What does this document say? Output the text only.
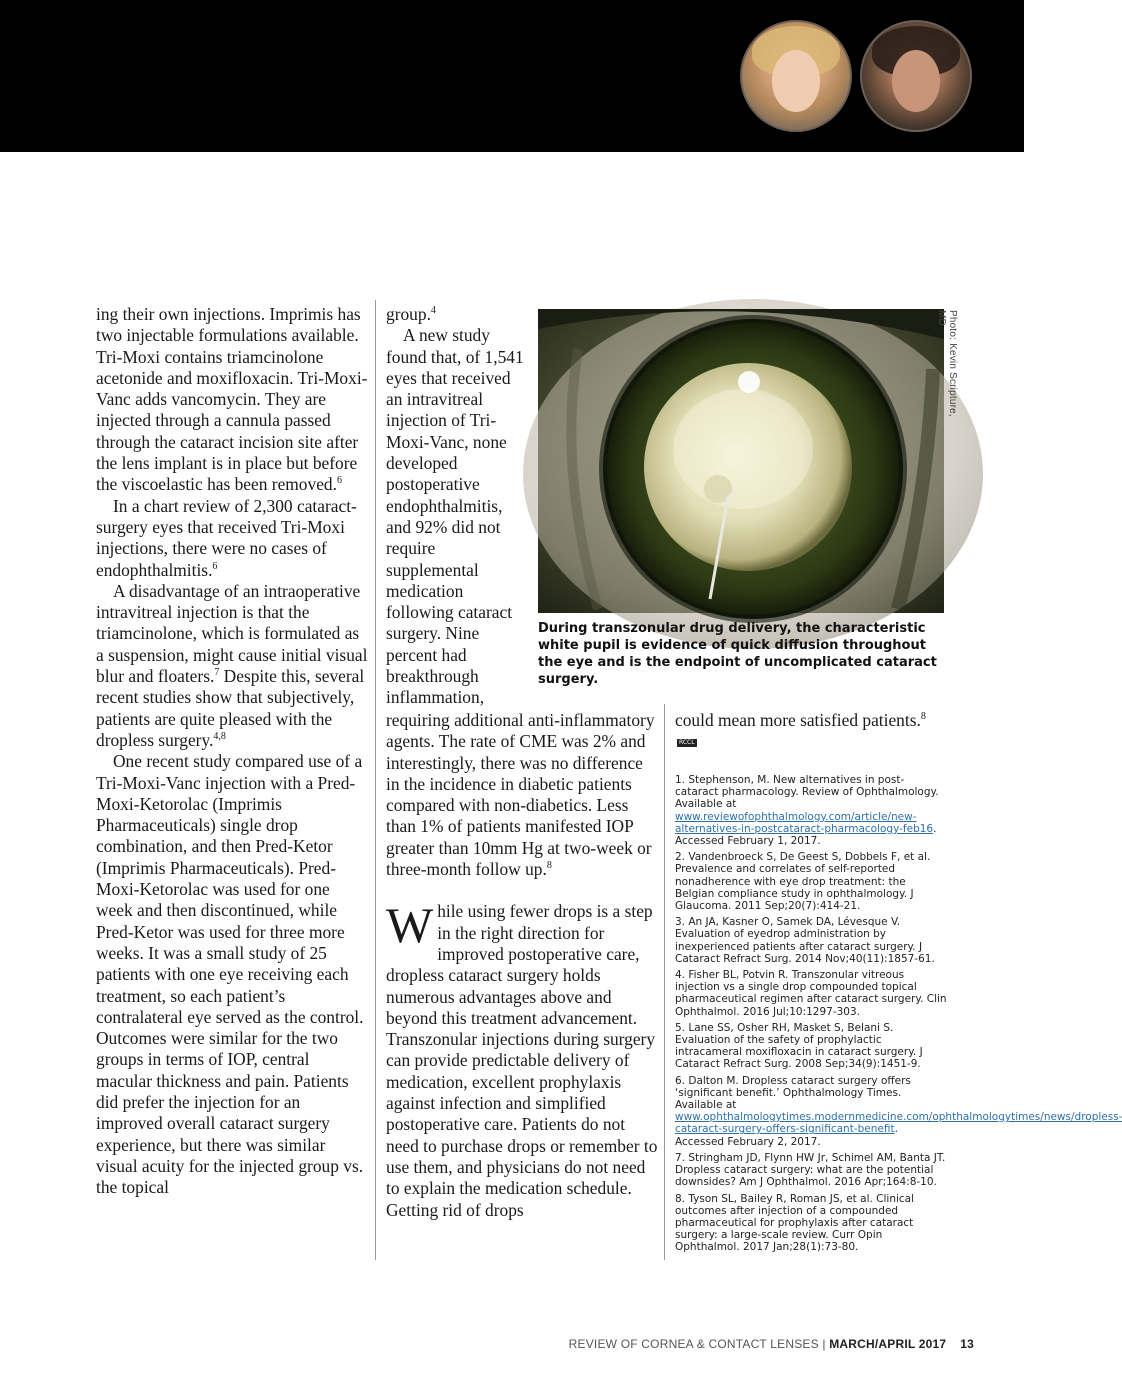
ing their own injections. Imprimis has two injectable formulations available. Tri-Moxi contains triamcinolone acetonide and moxifloxacin. Tri-Moxi-Vanc adds vancomycin. They are injected through a cannula passed through the cataract incision site after the lens implant is in place but before the viscoelastic has been removed.$^6$

In a chart review of 2,300 cataract-surgery eyes that received Tri-Moxi injections, there were no cases of endophthalmitis.$^6$

A disadvantage of an intraoperative intravitreal injection is that the triamcinolone, which is formulated as a suspension, might cause initial visual blur and floaters.$^7$ Despite this, several recent studies show that subjectively, patients are quite pleased with the dropless surgery.$^{4,8}$

One recent study compared use of a Tri-Moxi-Vanc injection with a Pred-Moxi-Ketorolac (Imprimis Pharmaceuticals) single drop combination, and then Pred-Ketor (Imprimis Pharmaceuticals). Pred-Moxi-Ketorolac was used for one week and then discontinued, while Pred-Ketor was used for three more weeks. It was a small study of 25 patients with one eye receiving each treatment, so each patient’s contralateral eye served as the control. Outcomes were similar for the two groups in terms of IOP, central macular thickness and pain. Patients did prefer the injection for an improved overall cataract surgery experience, but there was similar visual acuity for the injected group vs. the topical

group.$^4$

A new study found that, of 1,541 eyes that received an intravitreal injection of Tri-Moxi-Vanc, none developed postoperative endophthalmitis, and 92% did not require supplemental medication following cataract surgery. Nine percent had breakthrough inflammation,

requiring additional anti-inflammatory agents. The rate of CME was 2% and interestingly, there was no difference in the incidence in diabetic patients compared with non-diabetics. Less than 1% of patients manifested IOP greater than 10mm Hg at two-week or three-month follow up.$^8$

While using fewer drops is a step in the right direction for improved postoperative care, dropless cataract surgery holds numerous advantages above and beyond this treatment advancement. Transzonular injections during surgery can provide predictable delivery of medication, excellent prophylaxis against infection and simplified postoperative care. Patients do not need to purchase drops or remember to use them, and physicians do not need to explain the medication schedule. Getting rid of drops

could mean more satisfied patients.$^8$ RCCL

Photo: Kevin Scripture, MD
During transzonular drug delivery, the characteristic white pupil is evidence of quick diffusion throughout the eye and is the endpoint of uncomplicated cataract surgery.
1. Stephenson, M. New alternatives in post-cataract pharmacology. Review of Ophthalmology. Available at www.reviewofophthalmology.com/article/new-alternatives-in-postcataract-pharmacology-feb16. Accessed February 1, 2017.
2. Vandenbroeck S, De Geest S, Dobbels F, et al. Prevalence and correlates of self-reported nonadherence with eye drop treatment: the Belgian compliance study in ophthalmology. J Glaucoma. 2011 Sep;20(7):414-21.
3. An JA, Kasner O, Samek DA, Lévesque V. Evaluation of eyedrop administration by inexperienced patients after cataract surgery. J Cataract Refract Surg. 2014 Nov;40(11):1857-61.
4. Fisher BL, Potvin R. Transzonular vitreous injection vs a single drop compounded topical pharmaceutical regimen after cataract surgery. Clin Ophthalmol. 2016 Jul;10:1297-303.
5. Lane SS, Osher RH, Masket S, Belani S. Evaluation of the safety of prophylactic intracameral moxifloxacin in cataract surgery. J Cataract Refract Surg. 2008 Sep;34(9):1451-9.
6. Dalton M. Dropless cataract surgery offers ‘significant benefit.’ Ophthalmology Times. Available at www.ophthalmologytimes.modernmedicine.com/ophthalmologytimes/news/dropless-cataract-surgery-offers-significant-benefit. Accessed February 2, 2017.
7. Stringham JD, Flynn HW Jr, Schimel AM, Banta JT. Dropless cataract surgery: what are the potential downsides? Am J Ophthalmol. 2016 Apr;164:8-10.
8. Tyson SL, Bailey R, Roman JS, et al. Clinical outcomes after injection of a compounded pharmaceutical for prophylaxis after cataract surgery: a large-scale review. Curr Opin Ophthalmol. 2017 Jan;28(1):73-80.
REVIEW OF CORNEA & CONTACT LENSES | MARCH/APRIL 2017 13
